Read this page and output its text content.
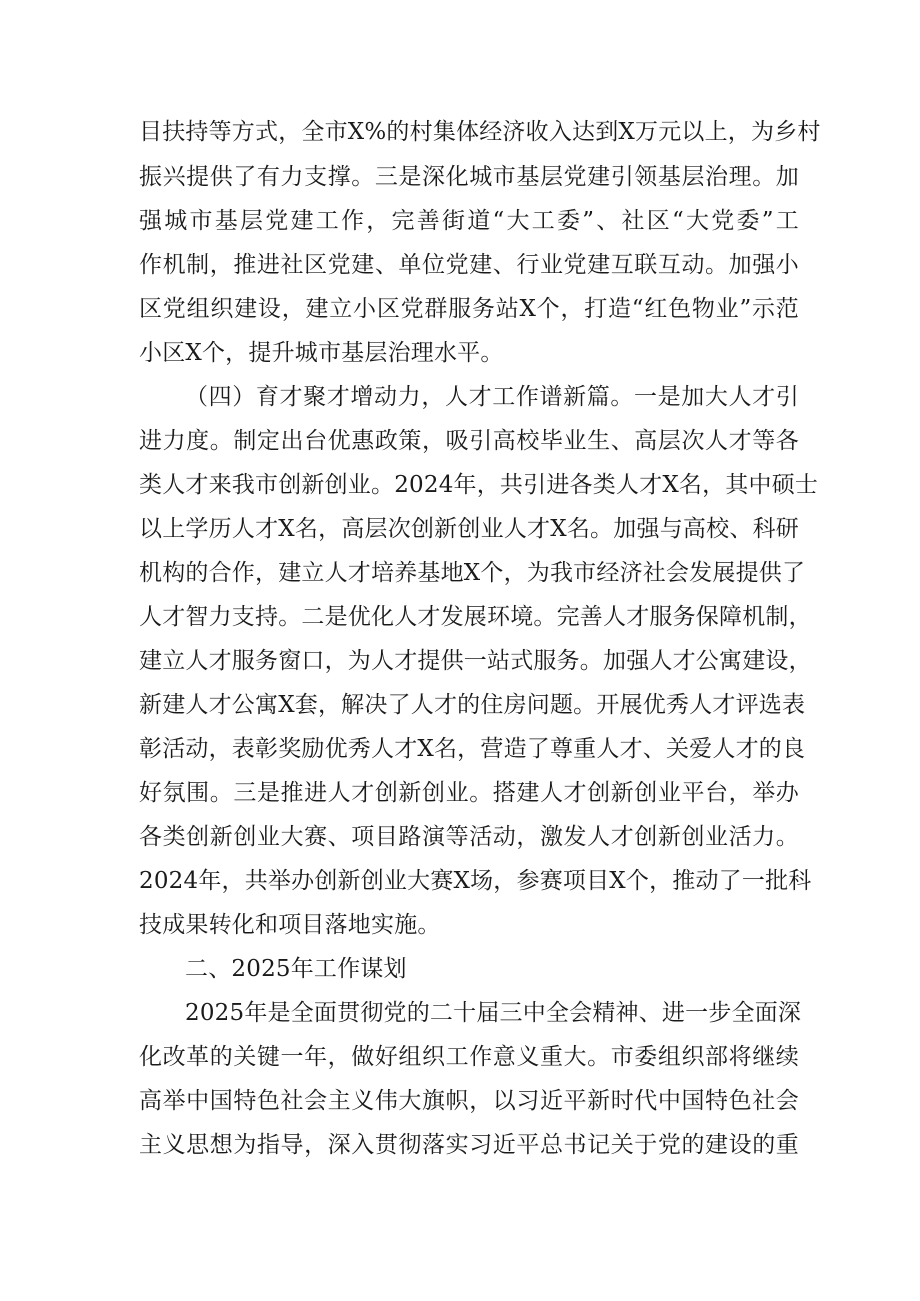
目扶持等方式，全市X%的村集体经济收入达到X万元以上，为乡村
振兴提供了有力支撑。三是深化城市基层党建引领基层治理。加
强城市基层党建工作，完善街道“大工委”、社区“大党委”工
作机制，推进社区党建、单位党建、行业党建互联互动。加强小
区党组织建设，建立小区党群服务站X个，打造“红色物业”示范
小区X个，提升城市基层治理水平。
（四）育才聚才增动力，人才工作谱新篇。一是加大人才引
进力度。制定出台优惠政策，吸引高校毕业生、高层次人才等各
类人才来我市创新创业。2024年，共引进各类人才X名，其中硕士
以上学历人才X名，高层次创新创业人才X名。加强与高校、科研
机构的合作，建立人才培养基地X个，为我市经济社会发展提供了
人才智力支持。二是优化人才发展环境。完善人才服务保障机制，
建立人才服务窗口，为人才提供一站式服务。加强人才公寓建设，
新建人才公寓X套，解决了人才的住房问题。开展优秀人才评选表
彰活动，表彰奖励优秀人才X名，营造了尊重人才、关爱人才的良
好氛围。三是推进人才创新创业。搭建人才创新创业平台，举办
各类创新创业大赛、项目路演等活动，激发人才创新创业活力。
2024年，共举办创新创业大赛X场，参赛项目X个，推动了一批科
技成果转化和项目落地实施。
二、2025年工作谋划
2025年是全面贯彻党的二十届三中全会精神、进一步全面深
化改革的关键一年，做好组织工作意义重大。市委组织部将继续
高举中国特色社会主义伟大旗帜，以习近平新时代中国特色社会
主义思想为指导，深入贯彻落实习近平总书记关于党的建设的重
